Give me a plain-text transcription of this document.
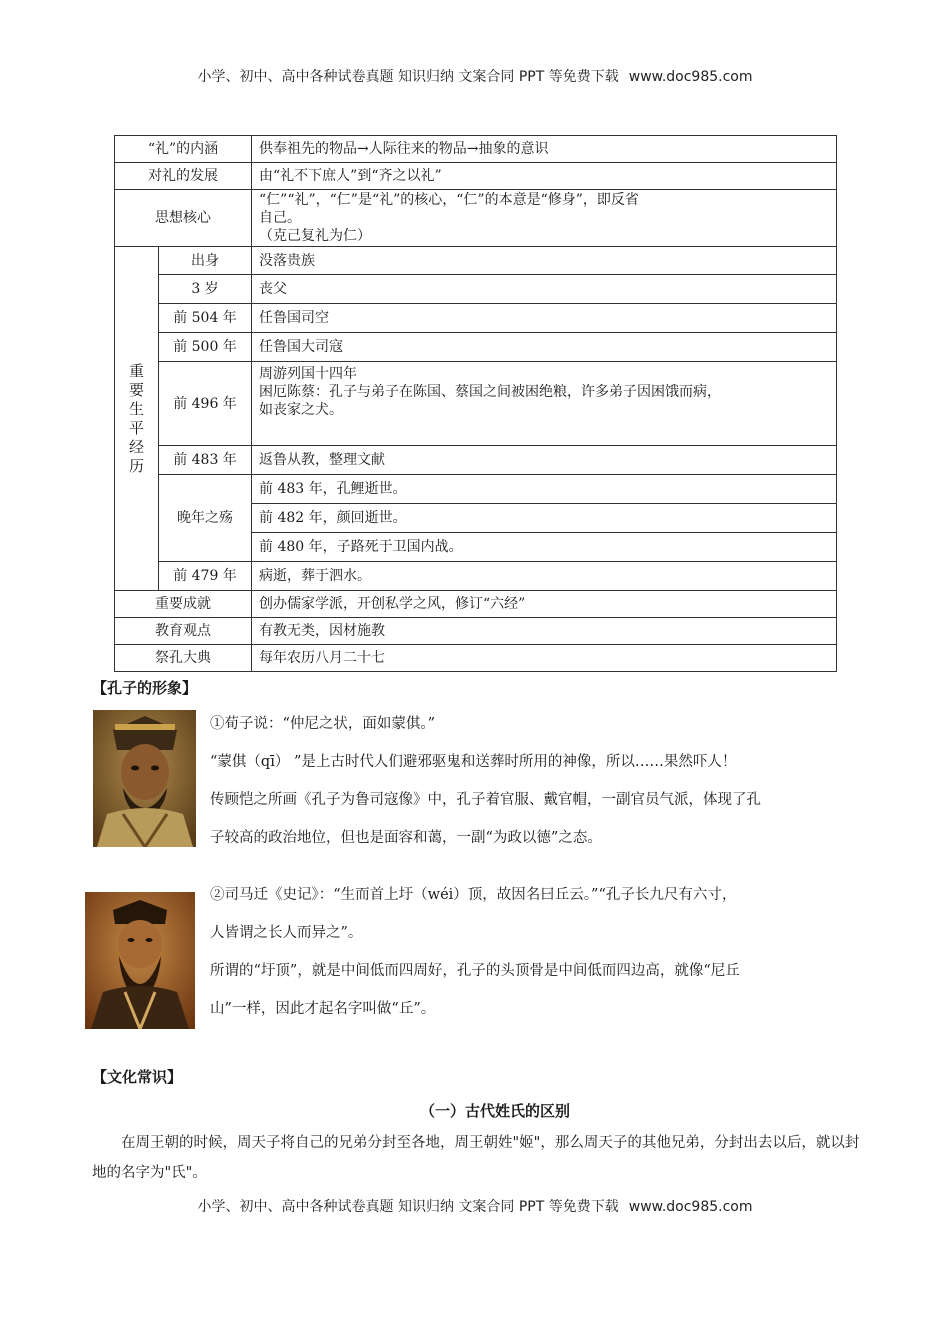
小学、初中、高中各种试卷真题 知识归纳 文案合同 PPT 等免费下载 www.doc985.com
“礼”的内涵		供奉祖先的物品→人际往来的物品→抽象的意识
对礼的发展		由“礼不下庶人”到“齐之以礼”
思想核心		“仁”“礼”，“仁”是“礼”的核心，“仁”的本意是“修身”，即反省
自己。
（克己复礼为仁）

重要生平经历	出身	没落贵族
	3 岁	丧父
	前 504 年	任鲁国司空
	前 500 年	任鲁国大司寇
	前 496 年	周游列国十四年
困厄陈蔡：孔子与弟子在陈国、蔡国之间被困绝粮，许多弟子因困饿而病，
如丧家之犬。

	前 483 年	返鲁从教，整理文献
	晚年之殇	前 483 年，孔鲤逝世。
		前 482 年，颜回逝世。
		前 480 年，子路死于卫国内战。
	前 479 年	病逝，葬于泗水。
重要成就		创办儒家学派，开创私学之风，修订“六经”
教育观点		有教无类，因材施教
祭孔大典		每年农历八月二十七
【孔子的形象】

①荀子说：“仲尼之状，面如蒙倛。”

“蒙倛（qī） ”是上古时代人们避邪驱鬼和送葬时所用的神像，所以……果然吓人！

传顾恺之所画《孔子为鲁司寇像》中，孔子着官服、戴官帽，一副官员气派，体现了孔

子较高的政治地位，但也是面容和蔼，一副“为政以德”之态。

②司马迁《史记》：“生而首上圩（wéi）顶，故因名曰丘云。”“孔子长九尺有六寸，

人皆谓之长人而异之”。

所谓的“圩顶”，就是中间低而四周好，孔子的头顶骨是中间低而四边高，就像“尼丘

山”一样，因此才起名字叫做“丘”。

【文化常识】
（一）古代姓氏的区别

在周王朝的时候，周天子将自己的兄弟分封至各地，周王朝姓"姬"，那么周天子的其他兄弟，分封出去以后，就以封地的名字为"氏"。

小学、初中、高中各种试卷真题 知识归纳 文案合同 PPT 等免费下载 www.doc985.com
